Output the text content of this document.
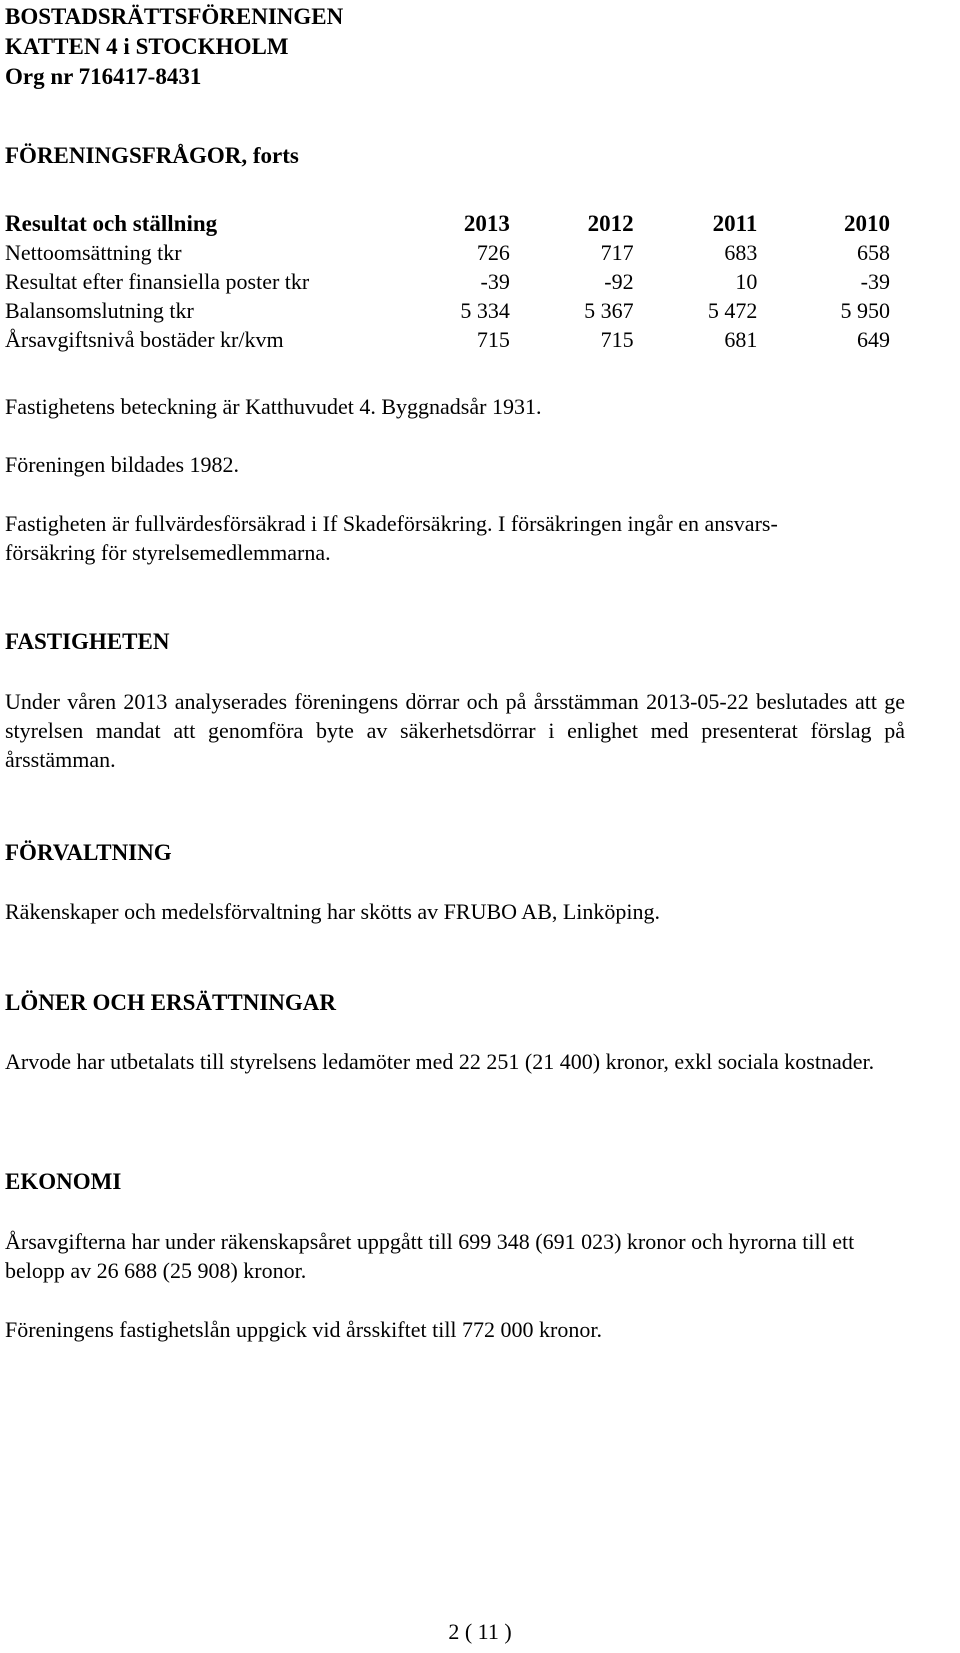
BOSTADSRÄTTSFÖRENINGEN
KATTEN 4 i STOCKHOLM
Org nr 716417-8431
FÖRENINGSFRÅGOR, forts
Resultat och ställning	2013	2012	2011	2010
Nettoomsättning tkr	726	717	683	658
Resultat efter finansiella poster tkr	-39	-92	10	-39
Balansomslutning tkr	5 334	5 367	5 472	5 950
Årsavgiftsnivå bostäder kr/kvm	715	715	681	649
Fastighetens beteckning är Katthuvudet 4. Byggnadsår 1931.
Föreningen bildades 1982.
Fastigheten är fullvärdesförsäkrad i If Skadeförsäkring. I försäkringen ingår en ansvars-
försäkring för styrelsemedlemmarna.
FASTIGHETEN
Under våren 2013 analyserades föreningens dörrar och på årsstämman 2013-05-22 beslutades att ge styrelsen mandat att genomföra byte av säkerhetsdörrar i enlighet med presenterat förslag på årsstämman.
FÖRVALTNING
Räkenskaper och medelsförvaltning har skötts av FRUBO AB, Linköping.
LÖNER OCH ERSÄTTNINGAR
Arvode har utbetalats till styrelsens ledamöter med 22 251 (21 400) kronor, exkl sociala kostnader.
EKONOMI
Årsavgifterna har under räkenskapsåret uppgått till 699 348 (691 023) kronor och hyrorna till ett belopp av 26 688 (25 908) kronor.
Föreningens fastighetslån uppgick vid årsskiftet till 772 000 kronor.
2 ( 11 )
